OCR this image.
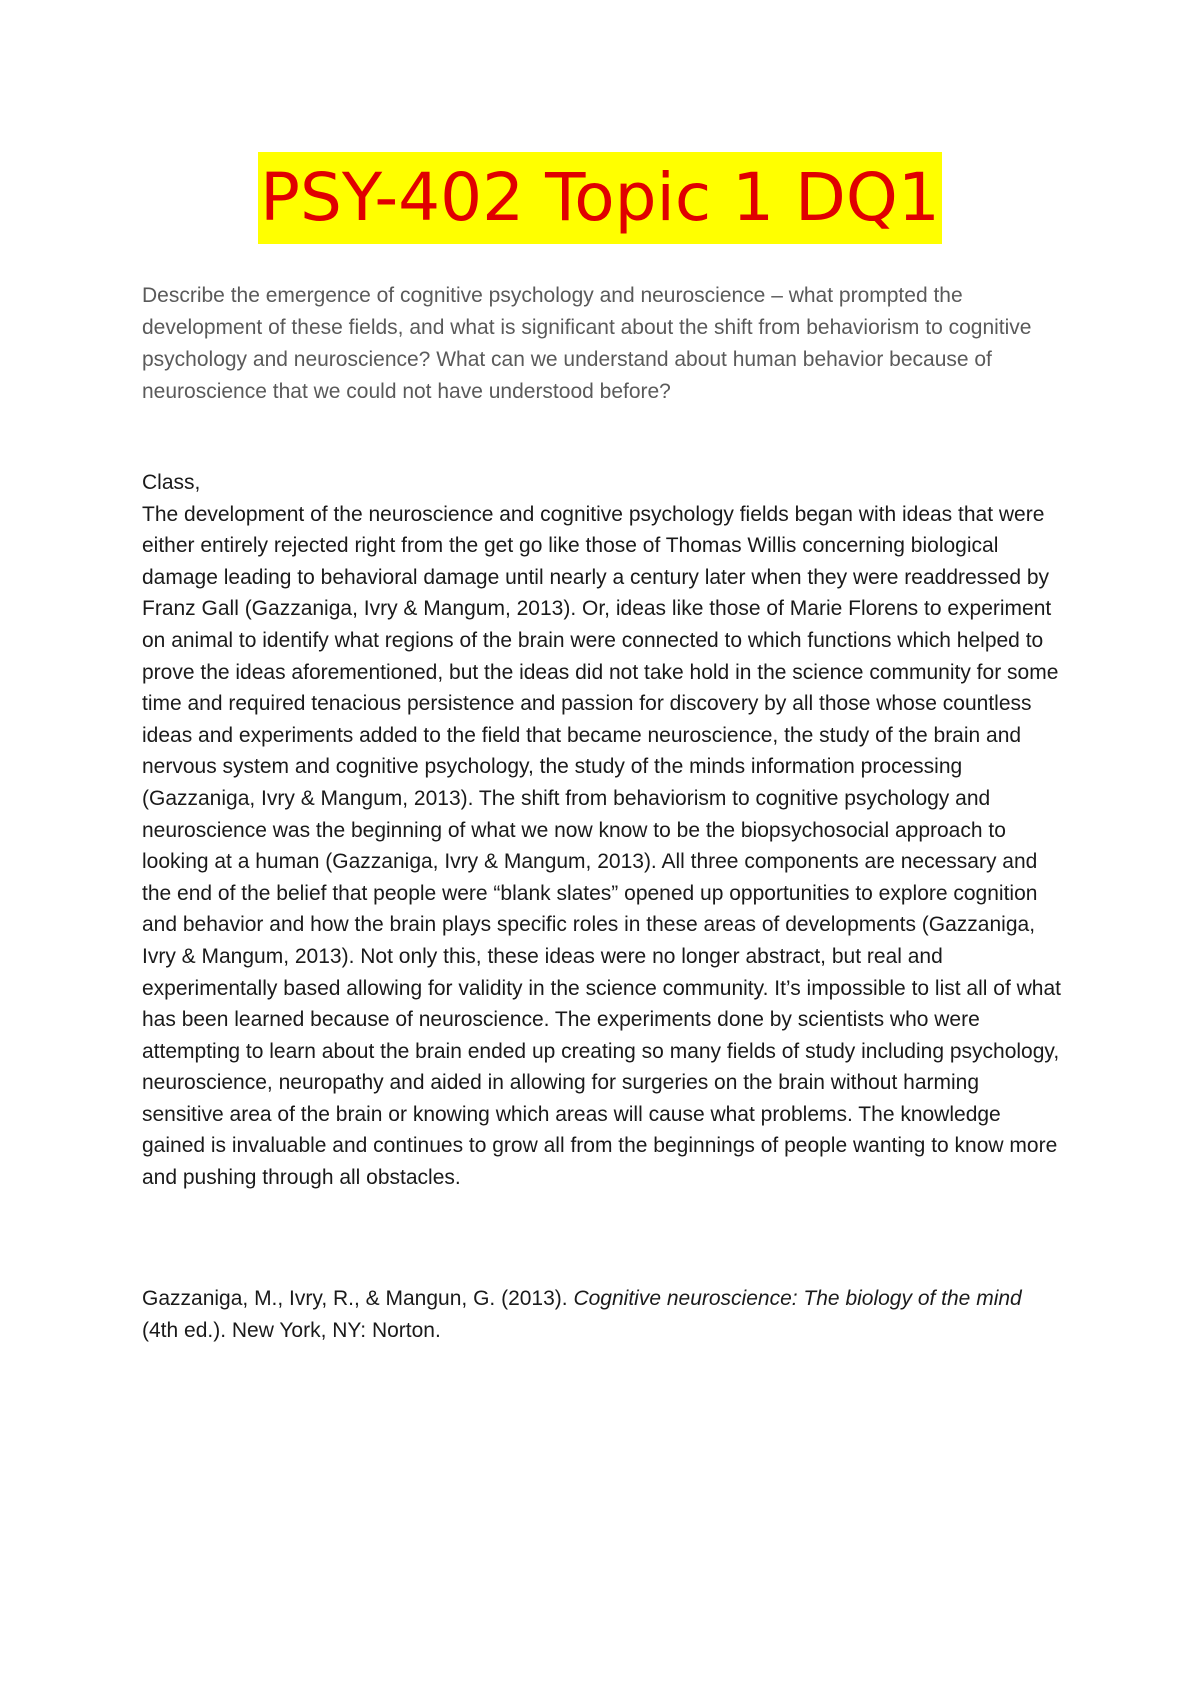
PSY-402 Topic 1 DQ1

Describe the emergence of cognitive psychology and neuroscience – what prompted the development of these fields, and what is significant about the shift from behaviorism to cognitive psychology and neuroscience? What can we understand about human behavior because of neuroscience that we could not have understood before?

Class,

The development of the neuroscience and cognitive psychology fields began with ideas that were either entirely rejected right from the get go like those of Thomas Willis concerning biological damage leading to behavioral damage until nearly a century later when they were readdressed by Franz Gall (Gazzaniga, Ivry & Mangum, 2013). Or, ideas like those of Marie Florens to experiment on animal to identify what regions of the brain were connected to which functions which helped to prove the ideas aforementioned, but the ideas did not take hold in the science community for some time and required tenacious persistence and passion for discovery by all those whose countless ideas and experiments added to the field that became neuroscience, the study of the brain and nervous system and cognitive psychology, the study of the minds information processing (Gazzaniga, Ivry & Mangum, 2013). The shift from behaviorism to cognitive psychology and neuroscience was the beginning of what we now know to be the biopsychosocial approach to looking at a human (Gazzaniga, Ivry & Mangum, 2013). All three components are necessary and the end of the belief that people were “blank slates” opened up opportunities to explore cognition and behavior and how the brain plays specific roles in these areas of developments (Gazzaniga, Ivry & Mangum, 2013). Not only this, these ideas were no longer abstract, but real and experimentally based allowing for validity in the science community. It’s impossible to list all of what has been learned because of neuroscience. The experiments done by scientists who were attempting to learn about the brain ended up creating so many fields of study including psychology, neuroscience, neuropathy and aided in allowing for surgeries on the brain without harming sensitive area of the brain or knowing which areas will cause what problems. The knowledge gained is invaluable and continues to grow all from the beginnings of people wanting to know more and pushing through all obstacles.

Gazzaniga, M., Ivry, R., & Mangun, G. (2013). Cognitive neuroscience: The biology of the mind (4th ed.). New York, NY: Norton.
